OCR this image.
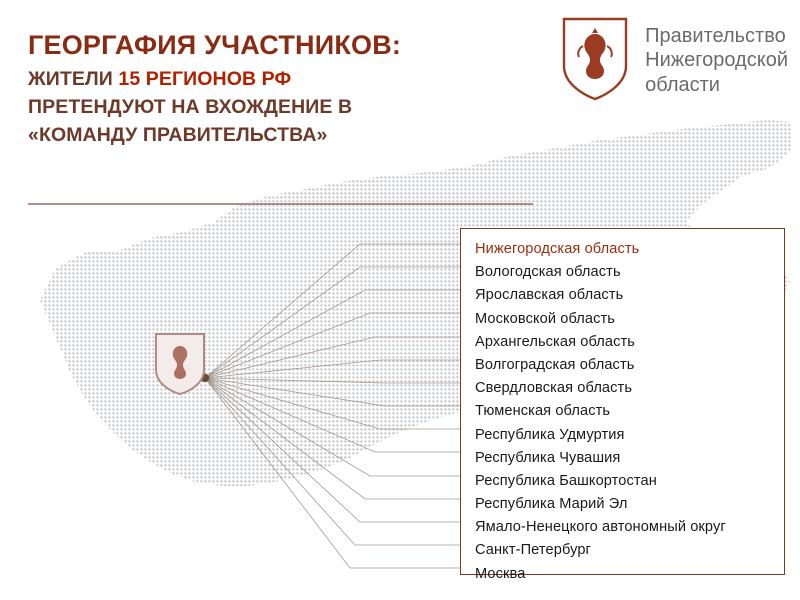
ГЕОРГАФИЯ УЧАСТНИКОВ:
ЖИТЕЛИ 15 РЕГИОНОВ РФ
ПРЕТЕНДУЮТ НА ВХОЖДЕНИЕ В
«КОМАНДУ ПРАВИТЕЛЬСТВА»
Правительство
Нижегородской
области
Нижегородская область
Вологодская область
Ярославская область
Московской область
Архангельская область
Волгоградская область
Свердловская область
Тюменская область
Республика Удмуртия
Республика Чувашия
Республика Башкортостан
Республика Марий Эл
Ямало-Ненецкого автономный округ
Санкт-Петербург
Москва
